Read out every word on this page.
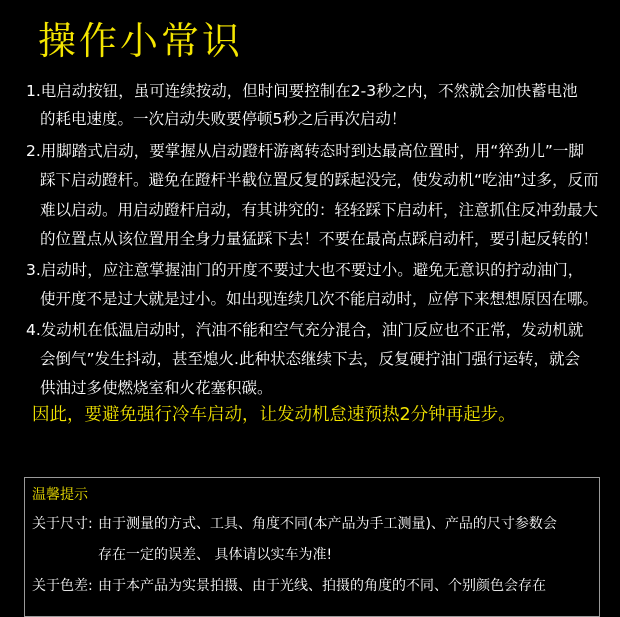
操作小常识
1.电启动按钮，虽可连续按动，但时间要控制在2-3秒之内，不然就会加快蓄电池
的耗电速度。一次启动失败要停顿5秒之后再次启动！
2.用脚踏式启动，要掌握从启动蹬杆游离转态时到达最高位置时，用“猝劲儿”一脚
踩下启动蹬杆。避免在蹬杆半截位置反复的踩起没完，使发动机“吃油”过多，反而
难以启动。用启动蹬杆启动，有其讲究的：轻轻踩下启动杆，注意抓住反冲劲最大
的位置点从该位置用全身力量猛踩下去！不要在最高点踩启动杆，要引起反转的！
3.启动时，应注意掌握油门的开度不要过大也不要过小。避免无意识的拧动油门，
使开度不是过大就是过小。如出现连续几次不能启动时，应停下来想想原因在哪。
4.发动机在低温启动时，汽油不能和空气充分混合，油门反应也不正常，发动机就
会倒气”发生抖动，甚至熄火.此种状态继续下去，反复硬拧油门强行运转，就会
供油过多使燃烧室和火花塞积碳。
因此，要避免强行冷车启动，让发动机怠速预热2分钟再起步。
温馨提示
关于尺寸: 由于测量的方式、工具、角度不同(本产品为手工测量)、产品的尺寸参数会
存在一定的误差、 具体请以实车为准!
关于色差: 由于本产品为实景拍摄、由于光线、拍摄的角度的不同、个别颜色会存在
